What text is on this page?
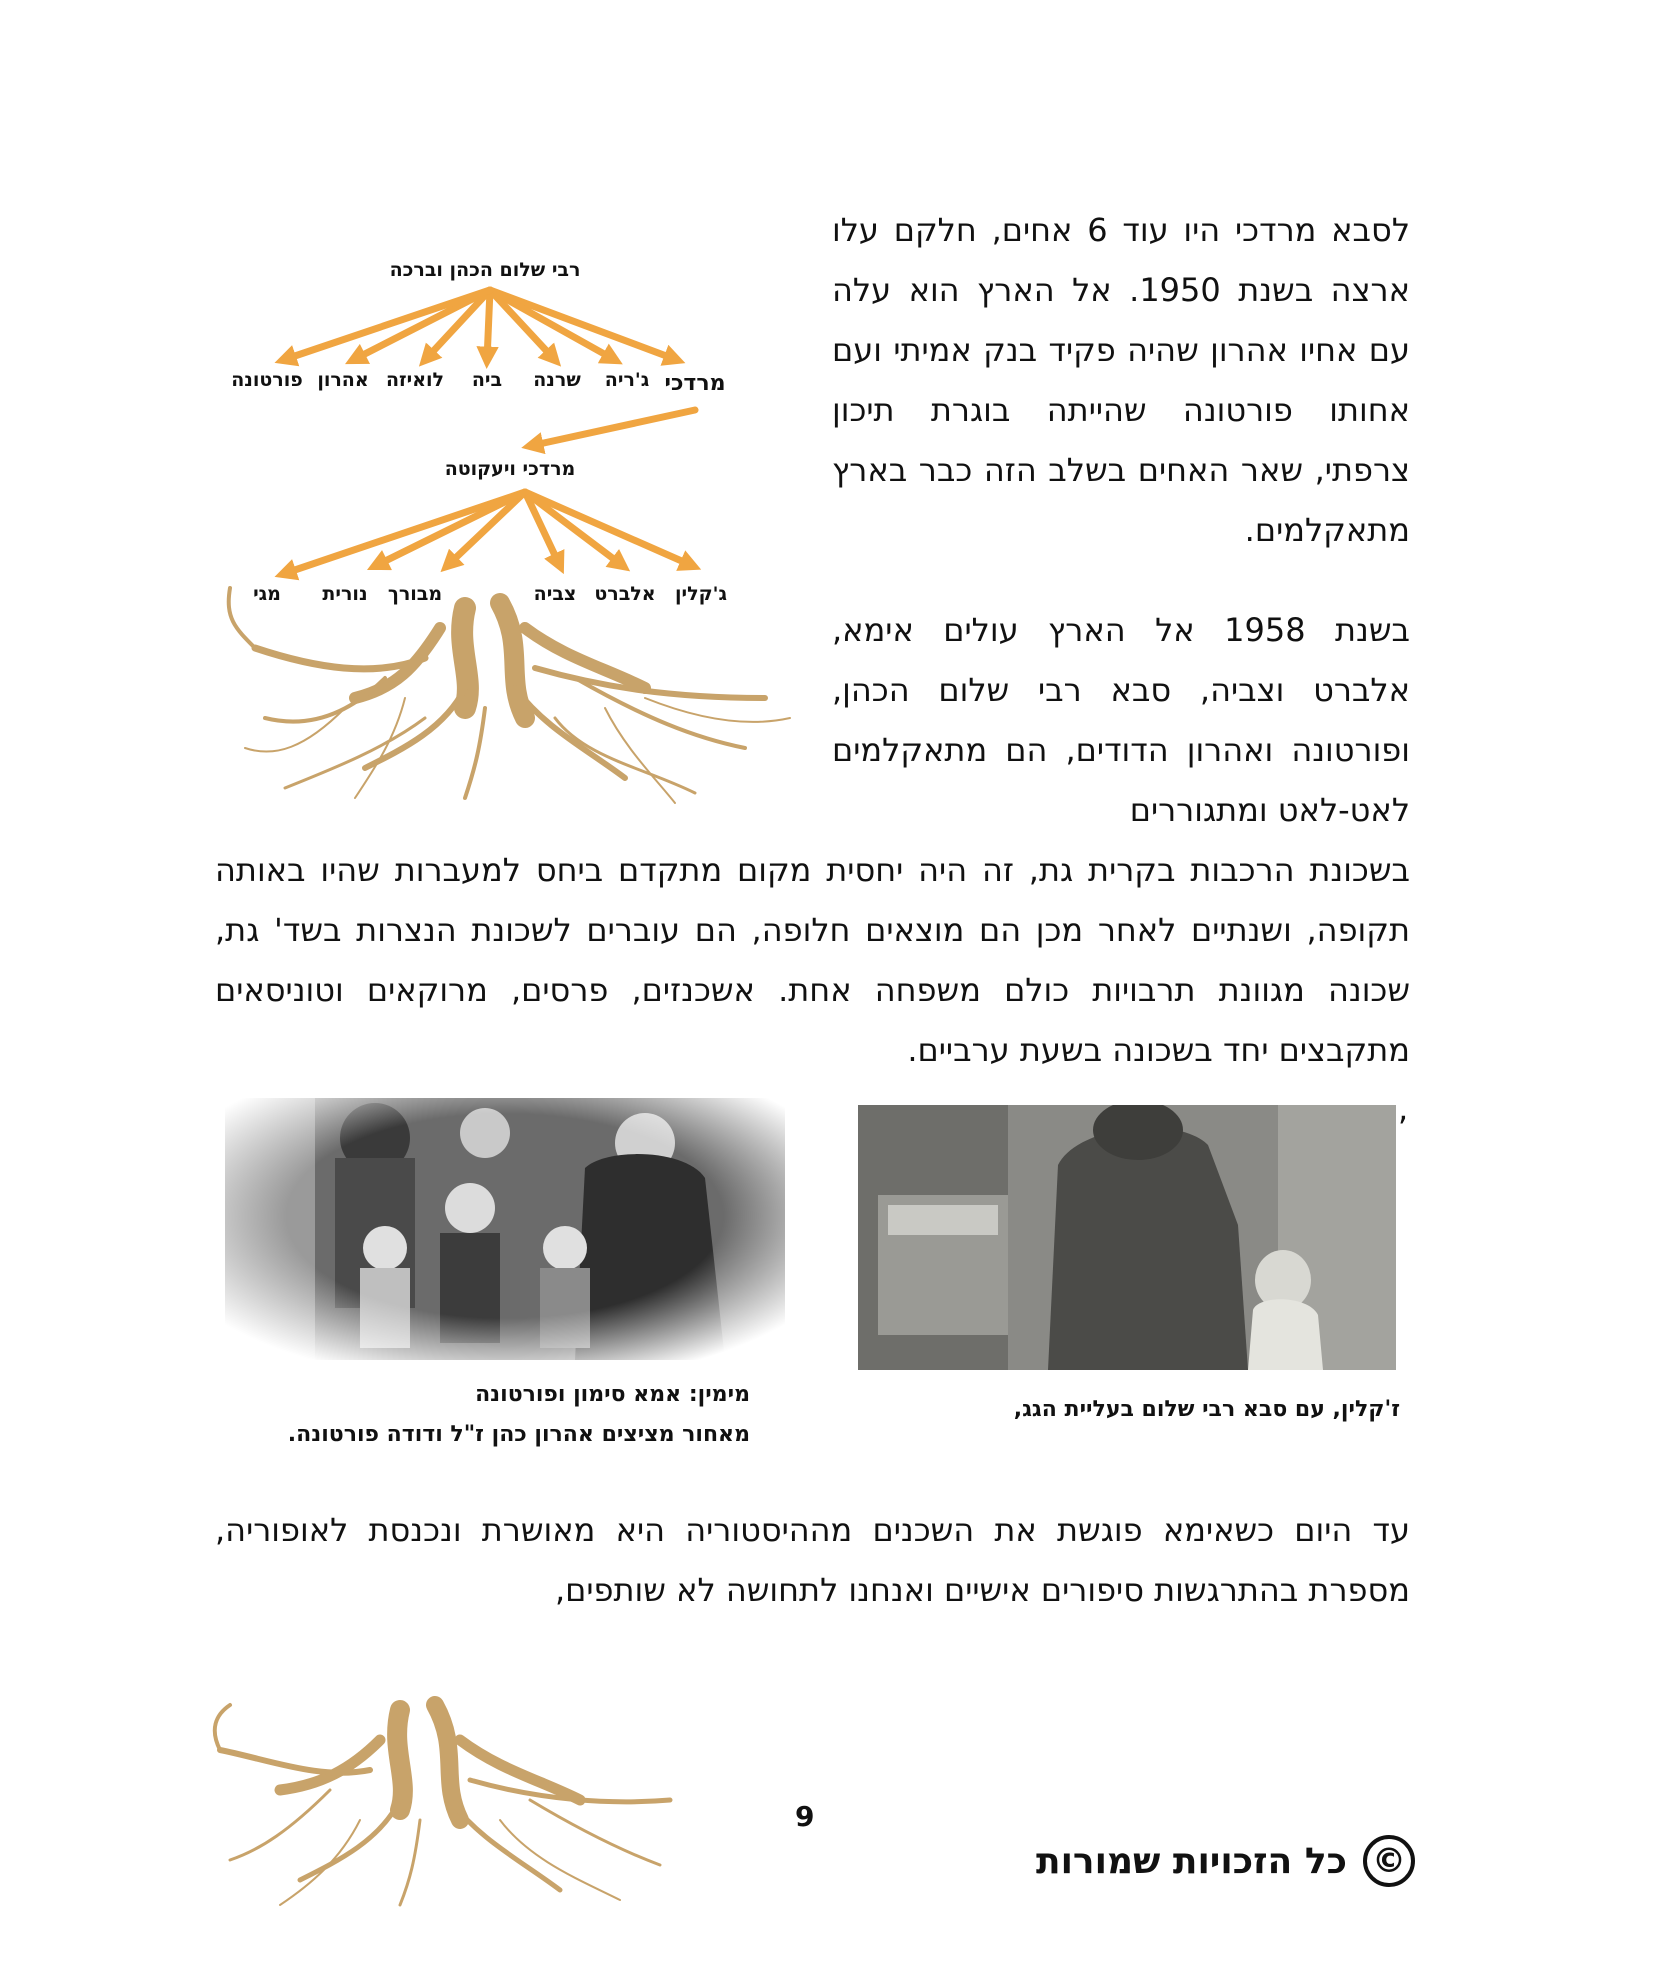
לסבא מרדכי היו עוד 6 אחים, חלקם עלו ארצה בשנת 1950. אל הארץ הוא עלה עם אחיו אהרון שהיה פקיד בנק אמיתי ועם אחותו פורטונה שהייתה בוגרת תיכון צרפתי, שאר האחים בשלב הזה כבר בארץ מתאקלמים.
בשנת 1958 אל הארץ עולים אימא, אלברט וצביה, סבא רבי שלום הכהן, ופורטונה ואהרון הדודים, הם מתאקלמים לאט-לאט ומתגוררים
בשכונת הרכבות בקרית גת, זה היה יחסית מקום מתקדם ביחס למעברות שהיו באותה תקופה, ושנתיים לאחר מכן הם מוצאים חלופה, הם עוברים לשכונת הנצרות בשד' גת, שכונה מגוונת תרבויות כולם משפחה אחת. אשכנזים, פרסים, מרוקאים וטוניסאים מתקבצים יחד בשכונה בשעת ערביים.
רבי שלום הכהן וברכה
מרדכי
ג'ריה
שרנה
ביה
לואיזה
אהרון
פורטונה
מרדכי ויעקוטה
ג'קלין
אלברט
צביה
מבורך
נורית
מגי
,
ז'קלין, עם סבא רבי שלום בעליית הגג,
מימין: אמא סימון ופורטונה
מאחור מציצים אהרון כהן ז"ל ודודה פורטונה.
עד היום כשאימא פוגשת את השכנים מההיסטוריה היא מאושרת ונכנסת לאופוריה, מספרת בהתרגשות סיפורים אישיים ואנחנו לתחושה לא שותפים,
9
©
כל הזכויות שמורות
